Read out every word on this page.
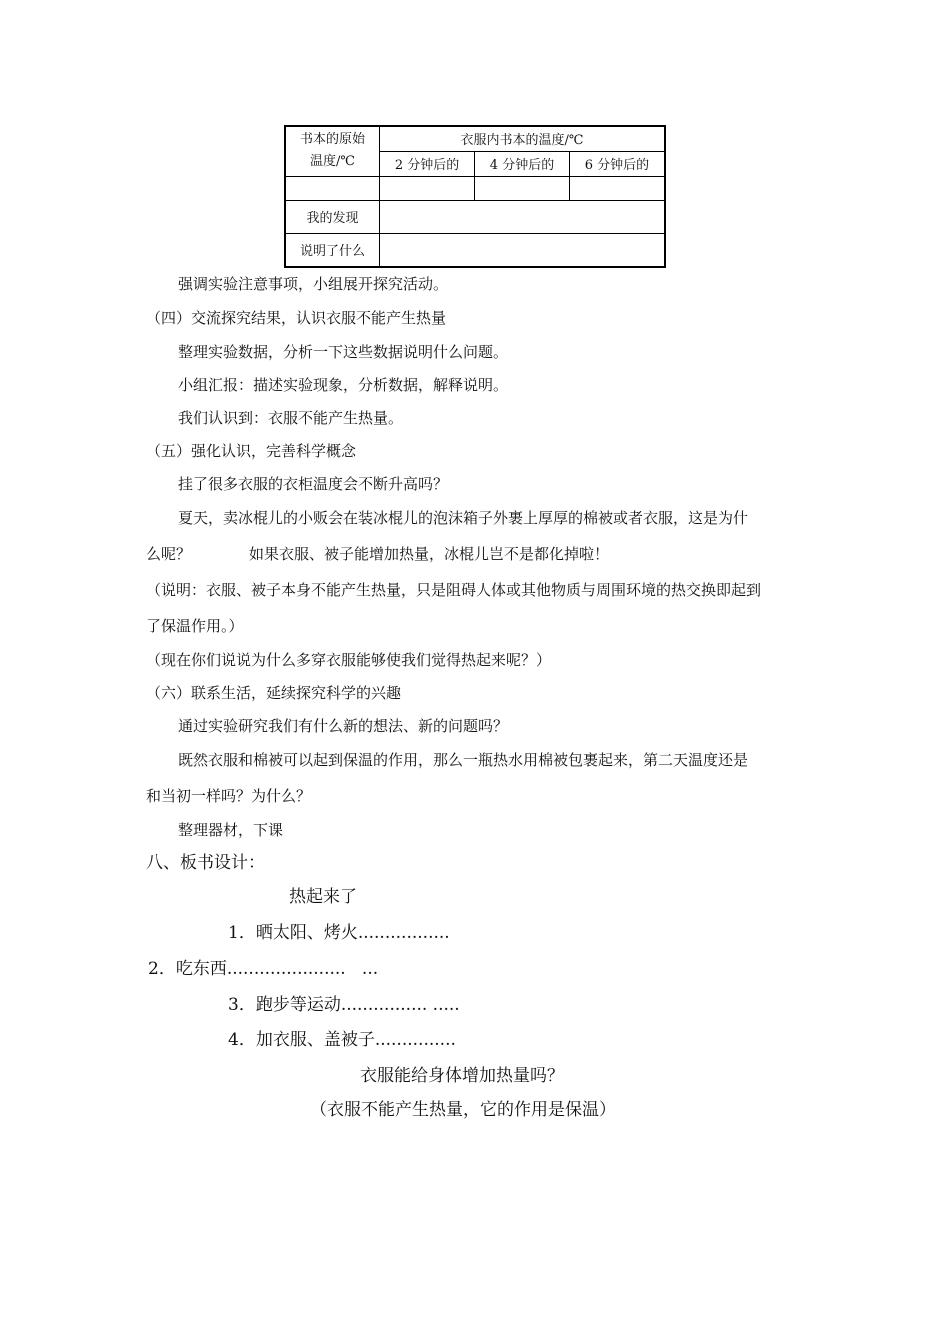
书本的原始
温度/℃	衣服内书本的温度/℃		
	2 分钟后的	4 分钟后的	6 分钟后的

我的发现			
说明了什么			
强调实验注意事项，小组展开探究活动。
（四）交流探究结果，认识衣服不能产生热量
整理实验数据，分析一下这些数据说明什么问题。
小组汇报：描述实验现象，分析数据，解释说明。
我们认识到：衣服不能产生热量。
（五）强化认识，完善科学概念
挂了很多衣服的衣柜温度会不断升高吗？
夏天，卖冰棍儿的小贩会在装冰棍儿的泡沫箱子外裹上厚厚的棉被或者衣服，这是为什
么呢？	如果衣服、被子能增加热量，冰棍儿岂不是都化掉啦！
（说明：衣服、被子本身不能产生热量，只是阻碍人体或其他物质与周围环境的热交换即起到
了保温作用。）
（现在你们说说为什么多穿衣服能够使我们觉得热起来呢？）
（六）联系生活，延续探究科学的兴趣
通过实验研究我们有什么新的想法、新的问题吗？
既然衣服和棉被可以起到保温的作用，那么一瓶热水用棉被包裹起来，第二天温度还是
和当初一样吗？为什么？
整理器材，下课
八、板书设计：
热起来了
1．晒太阳、烤火.................
2．吃东西......................   ...
3．跑步等运动................ .....
4．加衣服、盖被子...............
衣服能给身体增加热量吗？
（衣服不能产生热量，它的作用是保温）
